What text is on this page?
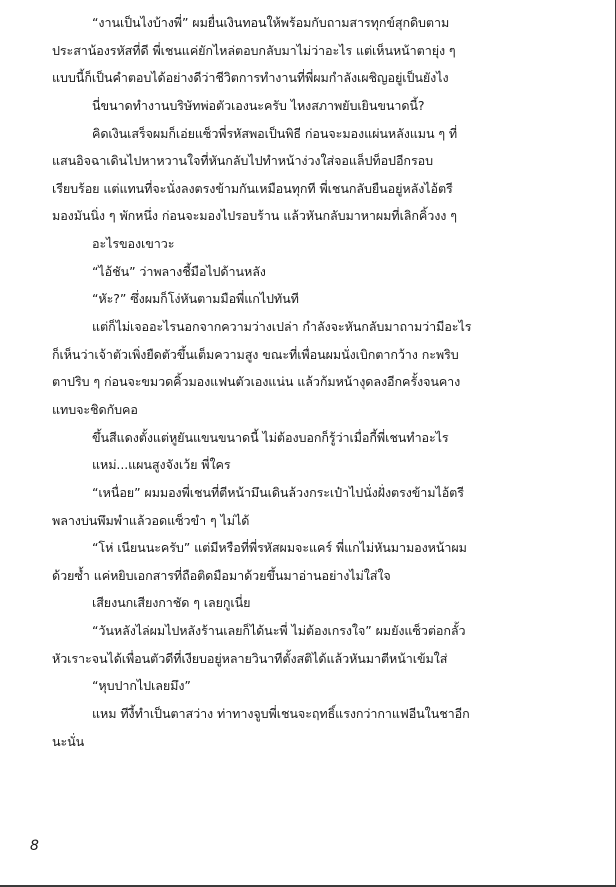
“งานเป็นไงบ้างพี่” ผมยื่นเงินทอนให้พร้อมกับถามสารทุกข์สุกดิบตาม
ประสาน้องรหัสที่ดี พี่เชนแค่ยักไหล่ตอบกลับมาไม่ว่าอะไร แต่เห็นหน้าตายุ่ง ๆ
แบบนี้ก็เป็นคำตอบได้อย่างดีว่าชีวิตการทำงานที่พี่ผมกำลังเผชิญอยู่เป็นยังไง
นี่ขนาดทำงานบริษัทพ่อตัวเองนะครับ ไหงสภาพยับเยินขนาดนี้?
คิดเงินเสร็จผมก็เอ่ยแซ็วพี่รหัสพอเป็นพิธี ก่อนจะมองแผ่นหลังแมน ๆ ที่
แสนอิจฉาเดินไปหาหวานใจที่หันกลับไปทำหน้าง่วงใส่จอแล็ปท็อปอีกรอบ
เรียบร้อย แต่แทนที่จะนั่งลงตรงข้ามกันเหมือนทุกที พี่เชนกลับยืนอยู่หลังไอ้ตรี
มองมันนิ่ง ๆ พักหนึ่ง ก่อนจะมองไปรอบร้าน แล้วหันกลับมาหาผมที่เลิกคิ้วงง ๆ
อะไรของเขาวะ
“ไอ้ชัน” ว่าพลางชี้มือไปด้านหลัง
“หัะ?” ซึ่งผมก็โง่หันตามมือพี่แกไปทันที
แต่ก็ไม่เจออะไรนอกจากความว่างเปล่า กำลังจะหันกลับมาถามว่ามีอะไร
ก็เห็นว่าเจ้าตัวเพิ่งยืดตัวขึ้นเต็มความสูง ขณะที่เพื่อนผมนั่งเบิกตากว้าง กะพริบ
ตาปริบ ๆ ก่อนจะขมวดคิ้วมองแฟนตัวเองแน่น แล้วก้มหน้างุดลงอีกครั้งจนคาง
แทบจะชิดกับคอ
ขึ้นสีแดงตั้งแต่หูยันแขนขนาดนี้ ไม่ต้องบอกก็รู้ว่าเมื่อกี้พี่เชนทำอะไร
แหม่...แผนสูงจังเว้ย พี่ใคร
“เหนื่อย” ผมมองพี่เชนที่ตีหน้ามึนเดินล้วงกระเป๋าไปนั่งฝั่งตรงข้ามไอ้ตรี
พลางบ่นพึมพำแล้วอดแซ็วขำ ๆ ไม่ได้
“โห่ เนียนนะครับ” แต่มีหรือที่พี่รหัสผมจะแคร์ พี่แกไม่หันมามองหน้าผม
ด้วยซ้ำ แค่หยิบเอกสารที่ถือติดมือมาด้วยขึ้นมาอ่านอย่างไม่ใส่ใจ
เสียงนกเสียงกาชัด ๆ เลยกูเนี่ย
“วันหลังไล่ผมไปหลังร้านเลยก็ได้นะพี่ ไม่ต้องเกรงใจ” ผมยังแซ็วต่อกลั้ว
หัวเราะจนได้เพื่อนตัวดีที่เงียบอยู่หลายวินาทีตั้งสติได้แล้วหันมาตีหน้าเข้มใส่
“หุบปากไปเลยมึง”
แหม ทีงี้ทำเป็นตาสว่าง ท่าทางจูบพี่เชนจะฤทธิ์แรงกว่ากาแฟอีนในชาอีก
นะนั่น
8
